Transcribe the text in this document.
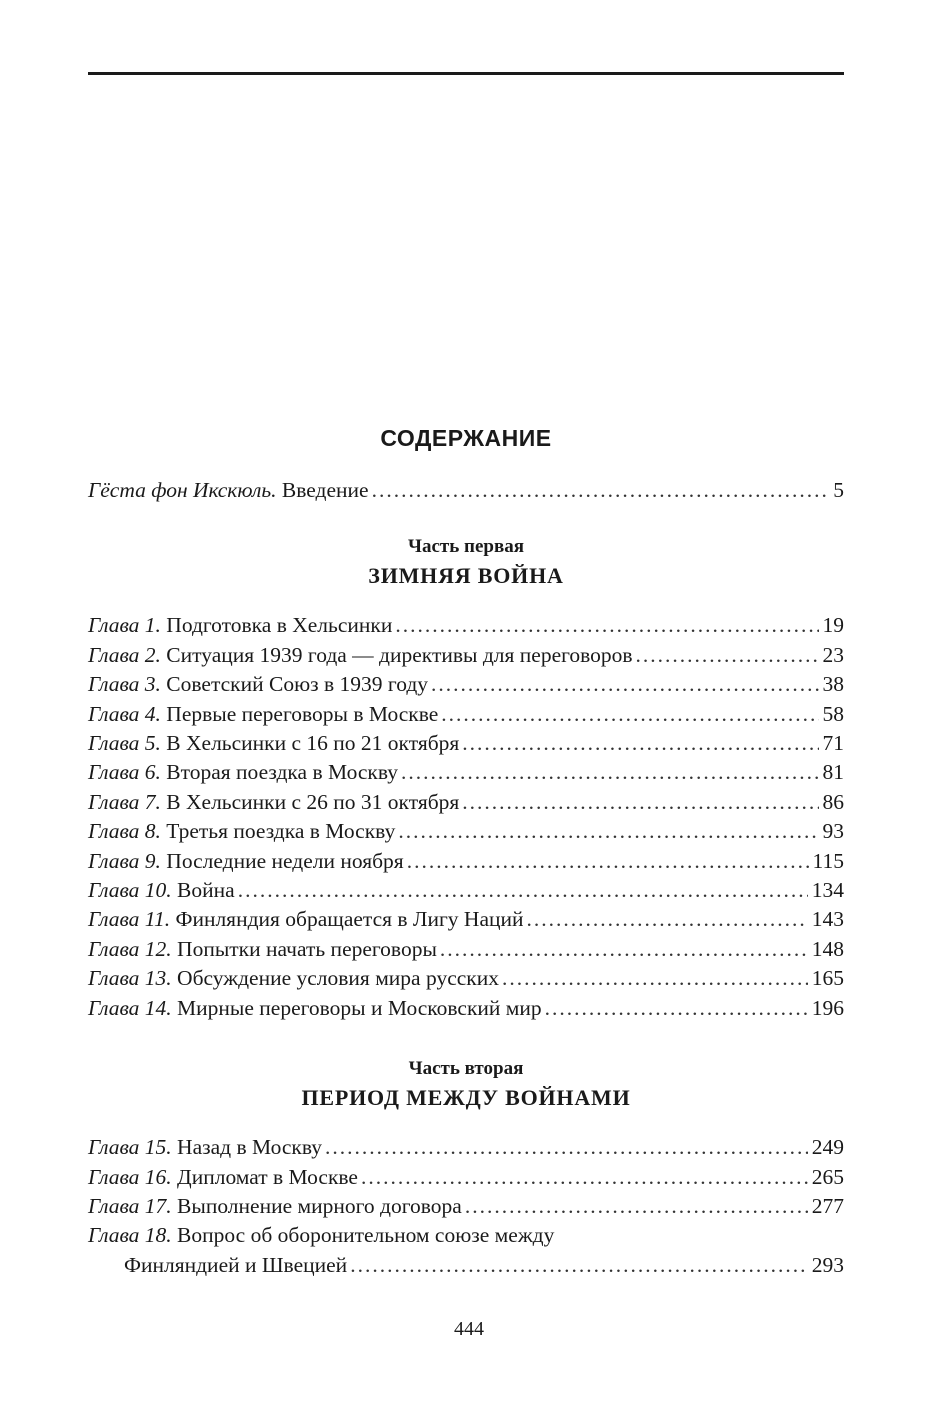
СОДЕРЖАНИЕ
Гёста фон Икскюль. Введение .....	5
Часть первая
ЗИМНЯЯ ВОЙНА
Глава 1. Подготовка в Хельсинки .....	19
Глава 2. Ситуация 1939 года — директивы для переговоров .....	23
Глава 3. Советский Союз в 1939 году .....	38
Глава 4. Первые переговоры в Москве .....	58
Глава 5. В Хельсинки с 16 по 21 октября .....	71
Глава 6. Вторая поездка в Москву .....	81
Глава 7. В Хельсинки с 26 по 31 октября .....	86
Глава 8. Третья поездка в Москву .....	93
Глава 9. Последние недели ноября .....	115
Глава 10. Война .....	134
Глава 11. Финляндия обращается в Лигу Наций .....	143
Глава 12. Попытки начать переговоры .....	148
Глава 13. Обсуждение условия мира русских .....	165
Глава 14. Мирные переговоры и Московский мир .....	196
Часть вторая
ПЕРИОД МЕЖДУ ВОЙНАМИ
Глава 15. Назад в Москву .....	249
Глава 16. Дипломат в Москве .....	265
Глава 17. Выполнение мирного договора .....	277
Глава 18. Вопрос об оборонительном союзе между
Финляндией и Швецией .....	293
444
